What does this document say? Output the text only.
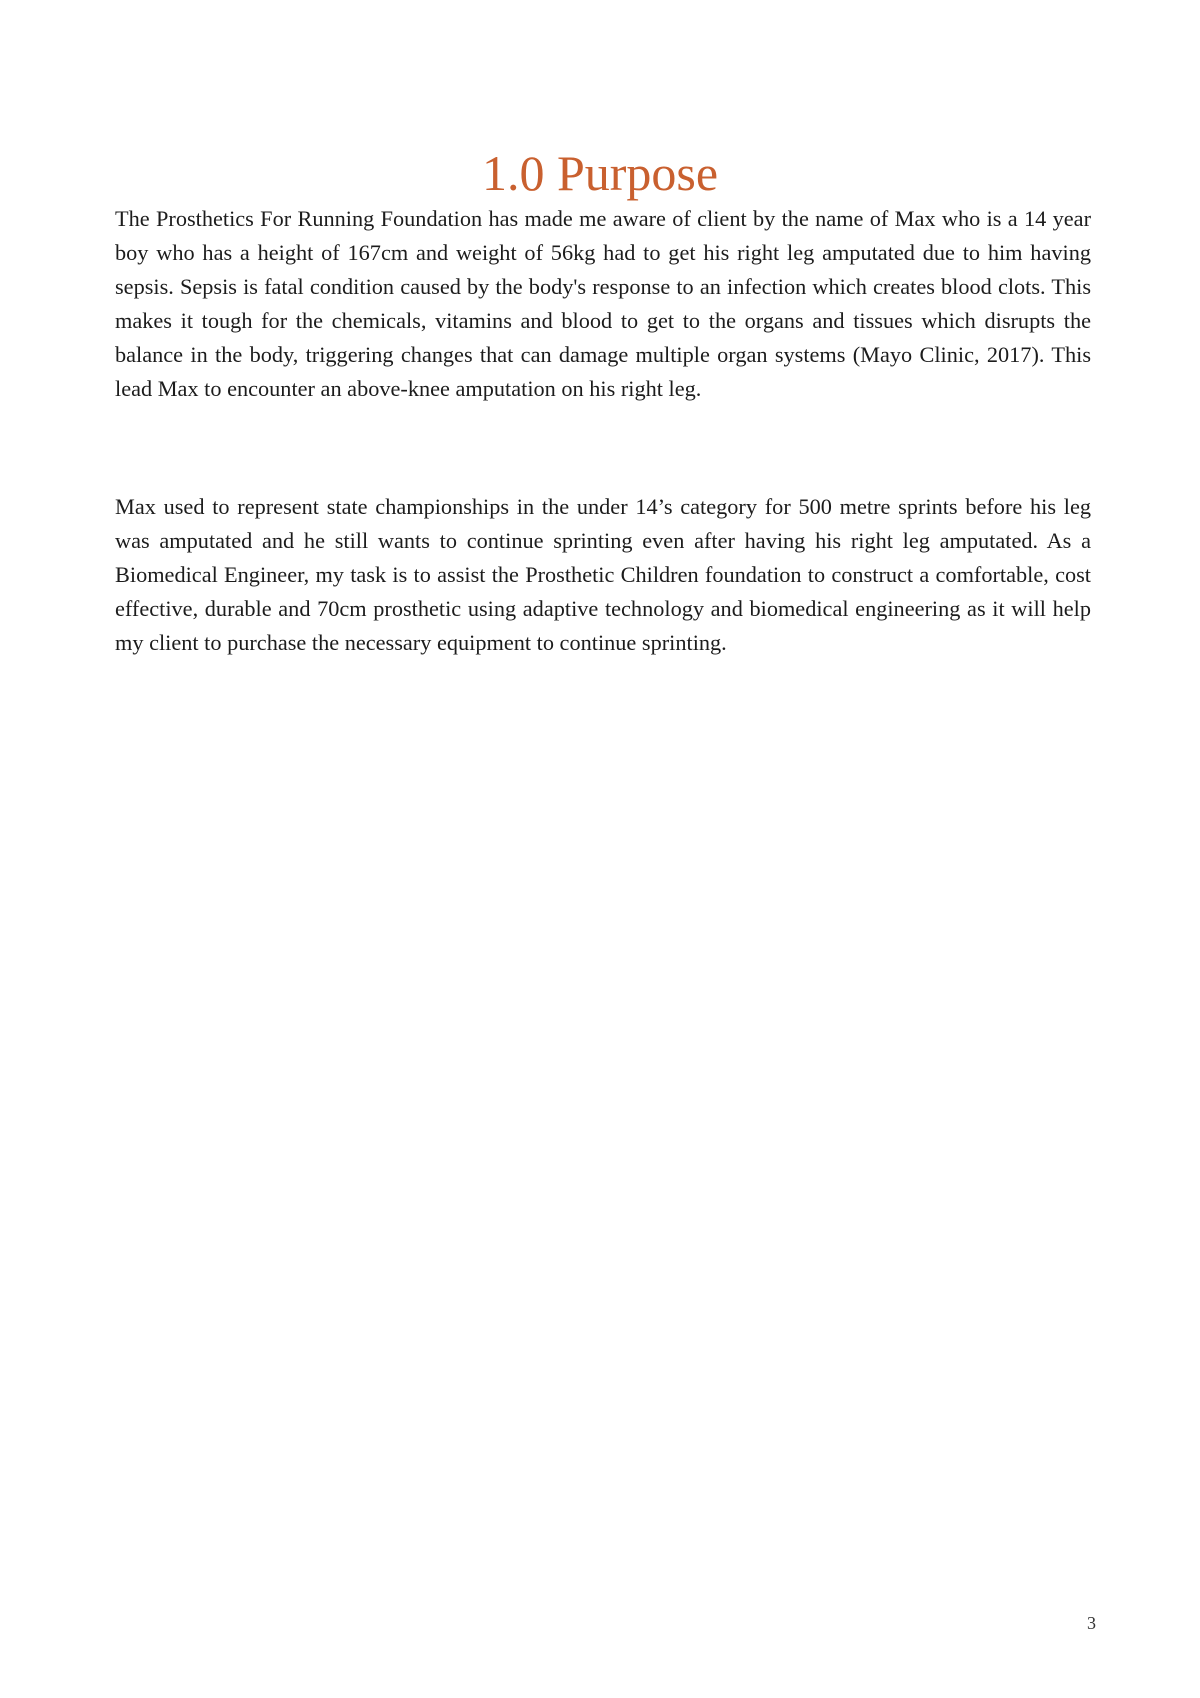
1.0 Purpose

The Prosthetics For Running Foundation has made me aware of client by the name of Max who is a 14 year boy who has a height of 167cm and weight of 56kg had to get his right leg amputated due to him having sepsis. Sepsis is fatal condition caused by the body's response to an infection which creates blood clots. This makes it tough for the chemicals, vitamins and blood to get to the organs and tissues which disrupts the balance in the body, triggering changes that can damage multiple organ systems (Mayo Clinic, 2017). This lead Max to encounter an above-knee amputation on his right leg.

Max used to represent state championships in the under 14’s category for 500 metre sprints before his leg was amputated and he still wants to continue sprinting even after having his right leg amputated. As a Biomedical Engineer, my task is to assist the Prosthetic Children foundation to construct a comfortable, cost effective, durable and 70cm prosthetic using adaptive technology and biomedical engineering as it will help my client to purchase the necessary equipment to continue sprinting.

3
